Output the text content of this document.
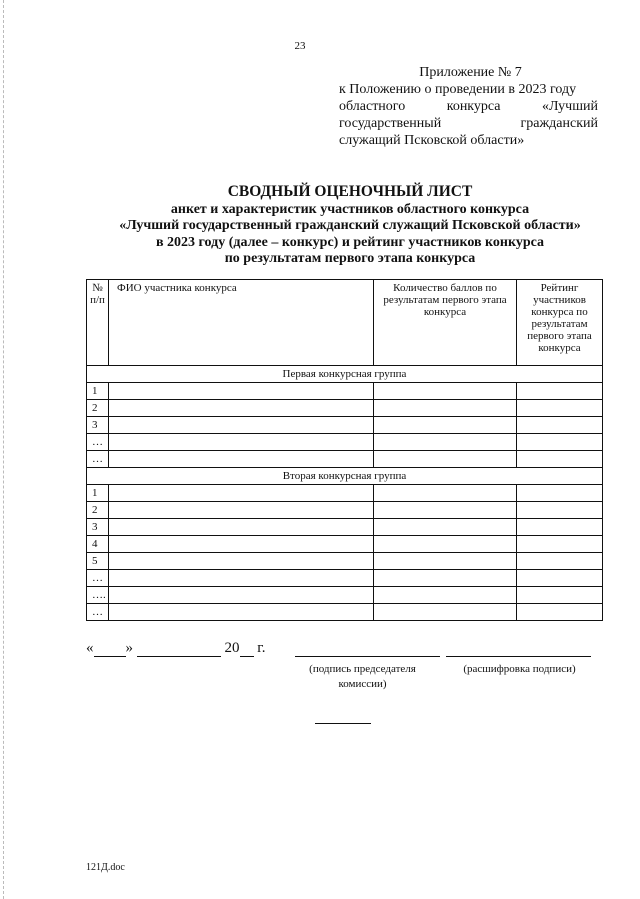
23
Приложение № 7
к Положению о проведении в 2023 году
областного конкурса «Лучший
государственный гражданский
служащий Псковской области»
СВОДНЫЙ ОЦЕНОЧНЫЙ ЛИСТ
анкет и характеристик участников областного конкурса
«Лучший государственный гражданский служащий Псковской области»
в 2023 году (далее – конкурс) и рейтинг участников конкурса
по результатам первого этапа конкурса
№ п/п	ФИО участника конкурса	Количество баллов по результатам первого этапа конкурса	Рейтинг участников конкурса по результатам первого этапа конкурса
Первая конкурсная группа			
1			
2			
3			
…			
…			
Вторая конкурсная группа			
1			
2			
3			
4			
5			
…			
….			
…			
« »	20 г.
(подпись председателя комиссии)
(расшифровка подписи)
121Д.doc
